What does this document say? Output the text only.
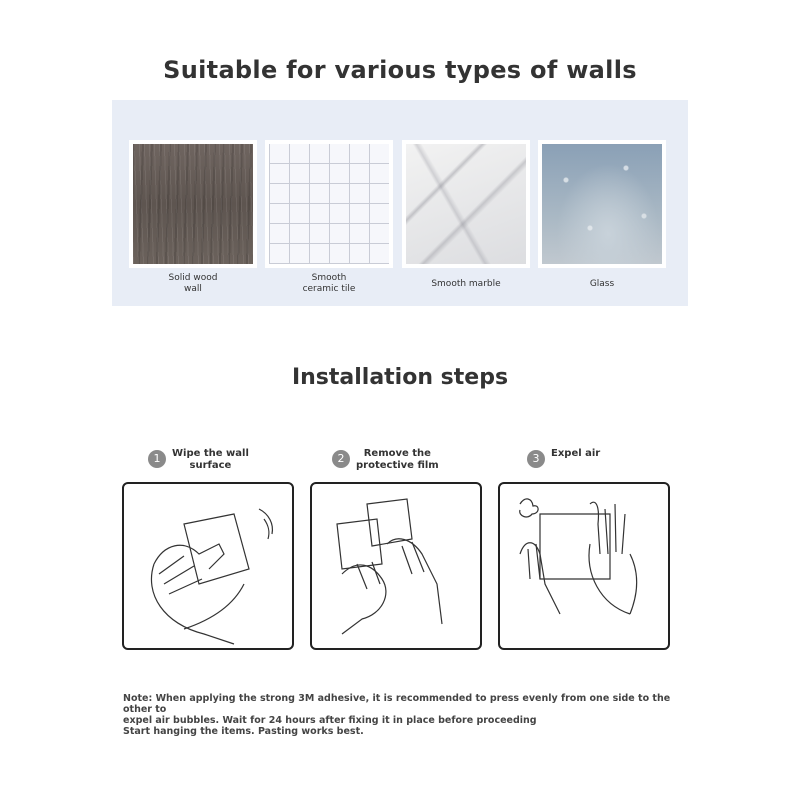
Suitable for various types of walls
Solid wood
wall
Smooth
ceramic tile	Smooth marble	Glass
Installation steps
1	Wipe the wall
surface
2	Remove the
protective film
3	Expel air
Note: When applying the strong 3M adhesive, it is recommended to press evenly from one side to the other to
expel air bubbles. Wait for 24 hours after fixing it in place before proceeding
Start hanging the items. Pasting works best.
